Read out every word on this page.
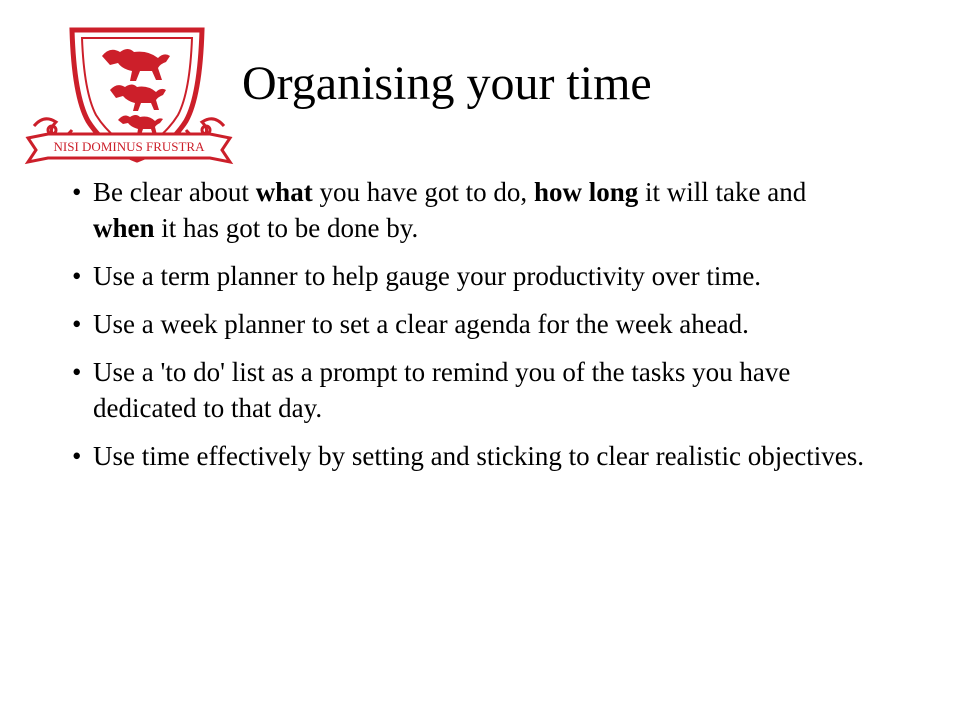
NISI DOMINUS FRUSTRA
Organising your time
• Be clear about what you have got to do, how long it will take and when it has got to be done by.
• Use a term planner to help gauge your productivity over time.
• Use a week planner to set a clear agenda for the week ahead.
• Use a 'to do' list as a prompt to remind you of the tasks you have dedicated to that day.
• Use time effectively by setting and sticking to clear realistic objectives.
